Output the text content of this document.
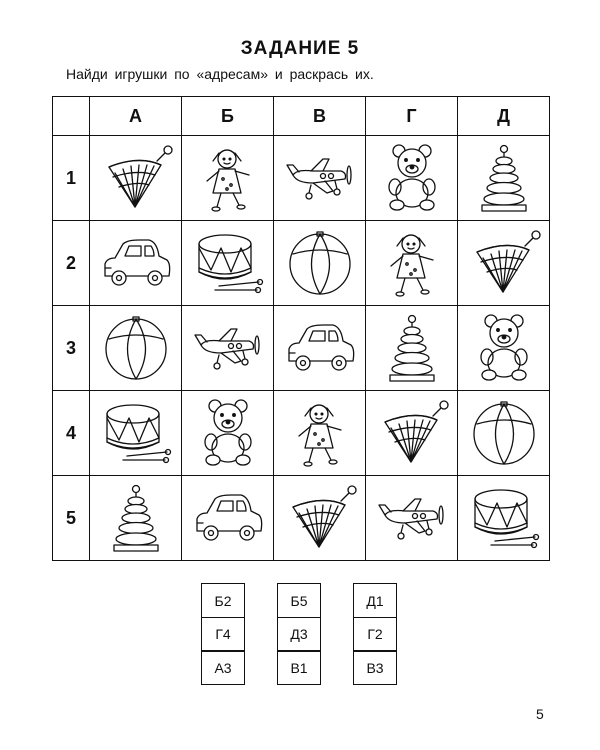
ЗАДАНИЕ 5
Найди игрушки по «адресам» и раскрась их.
	А	Б	В	Г	Д
1	

2	

3	

4	

5	

Б2
Г4
А3
Б5
Д3
В1
Д1
Г2
В3
5
